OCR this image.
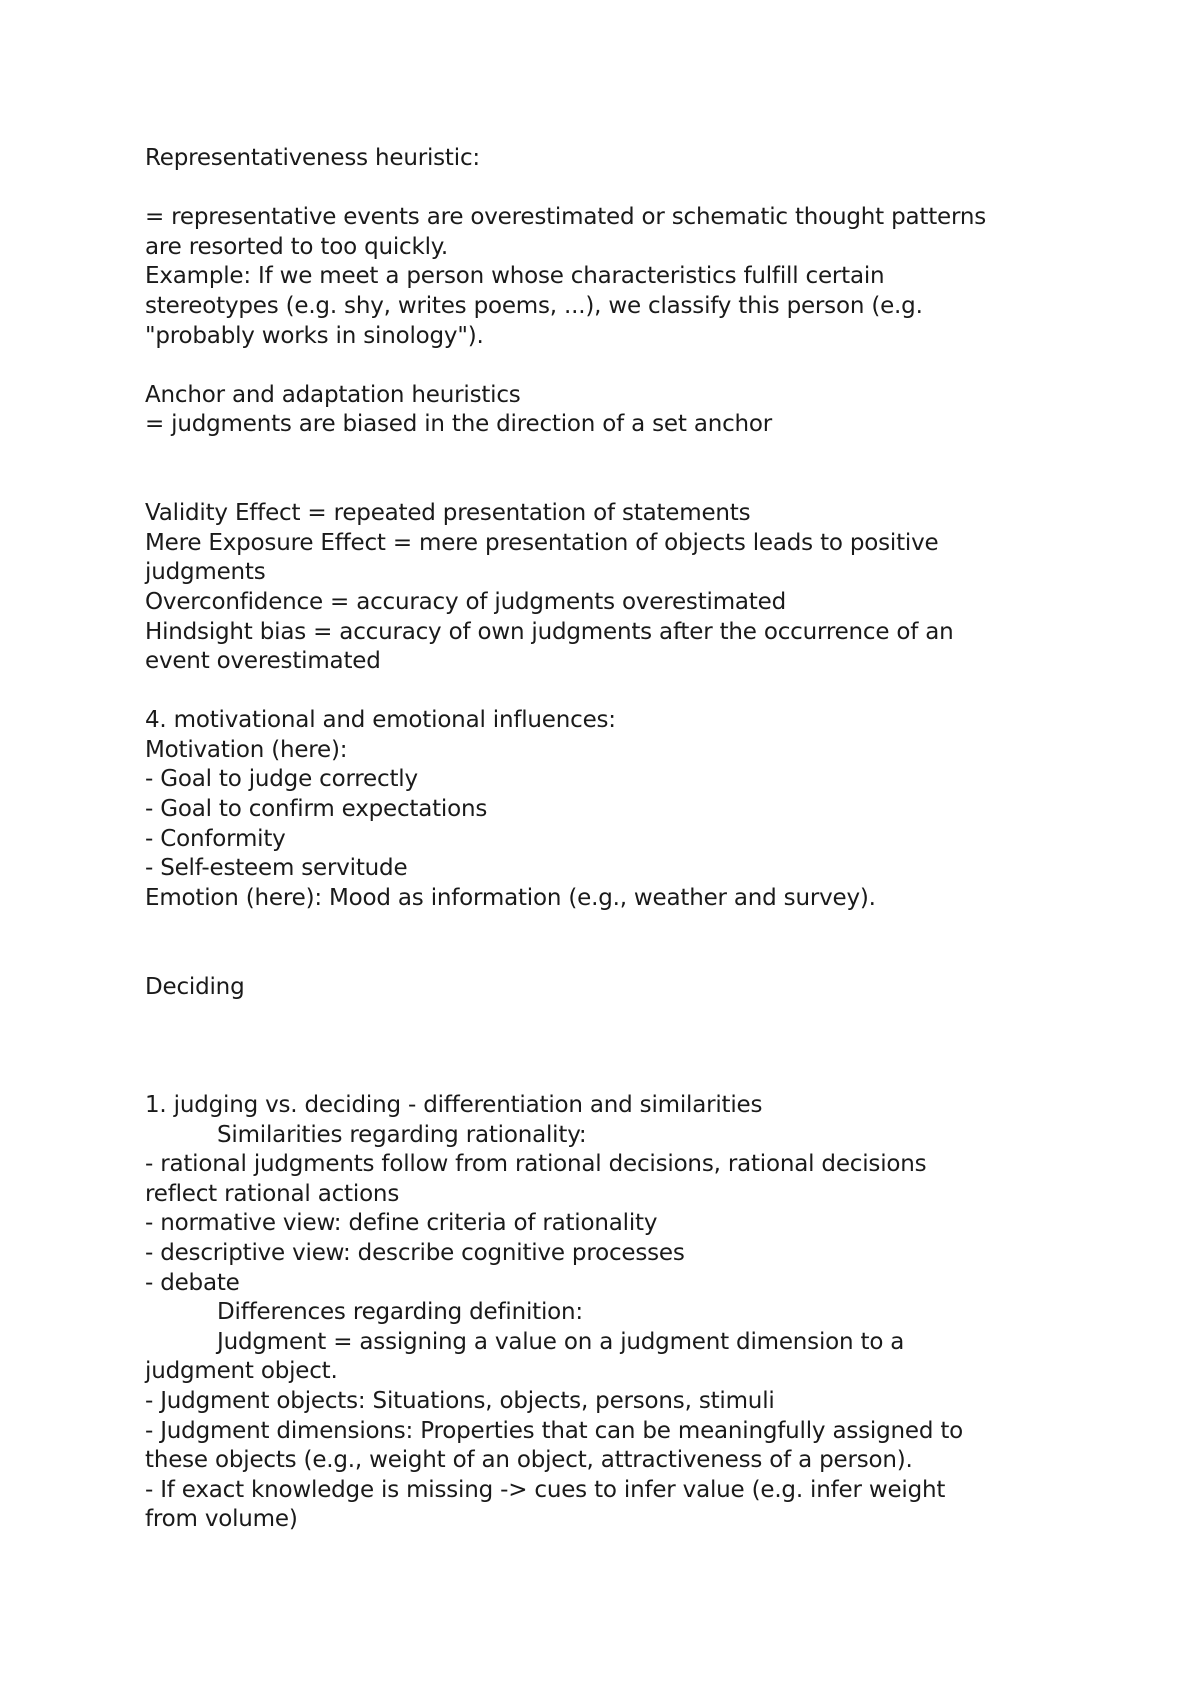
Representativeness heuristic:
= representative events are overestimated or schematic thought patterns
are resorted to too quickly.
Example: If we meet a person whose characteristics fulfill certain
stereotypes (e.g. shy, writes poems, ...), we classify this person (e.g.
"probably works in sinology").
Anchor and adaptation heuristics
= judgments are biased in the direction of a set anchor
Validity Effect = repeated presentation of statements
Mere Exposure Effect = mere presentation of objects leads to positive
judgments
Overconfidence = accuracy of judgments overestimated
Hindsight bias = accuracy of own judgments after the occurrence of an
event overestimated
4. motivational and emotional influences:
Motivation (here):
- Goal to judge correctly
- Goal to confirm expectations
- Conformity
- Self-esteem servitude
Emotion (here): Mood as information (e.g., weather and survey).
Deciding
1. judging vs. deciding - differentiation and similarities
Similarities regarding rationality:
- rational judgments follow from rational decisions, rational decisions
reflect rational actions
- normative view: define criteria of rationality
- descriptive view: describe cognitive processes
- debate
Differences regarding definition:
Judgment = assigning a value on a judgment dimension to a
judgment object.
- Judgment objects: Situations, objects, persons, stimuli
- Judgment dimensions: Properties that can be meaningfully assigned to
these objects (e.g., weight of an object, attractiveness of a person).
- If exact knowledge is missing -> cues to infer value (e.g. infer weight
from volume)
